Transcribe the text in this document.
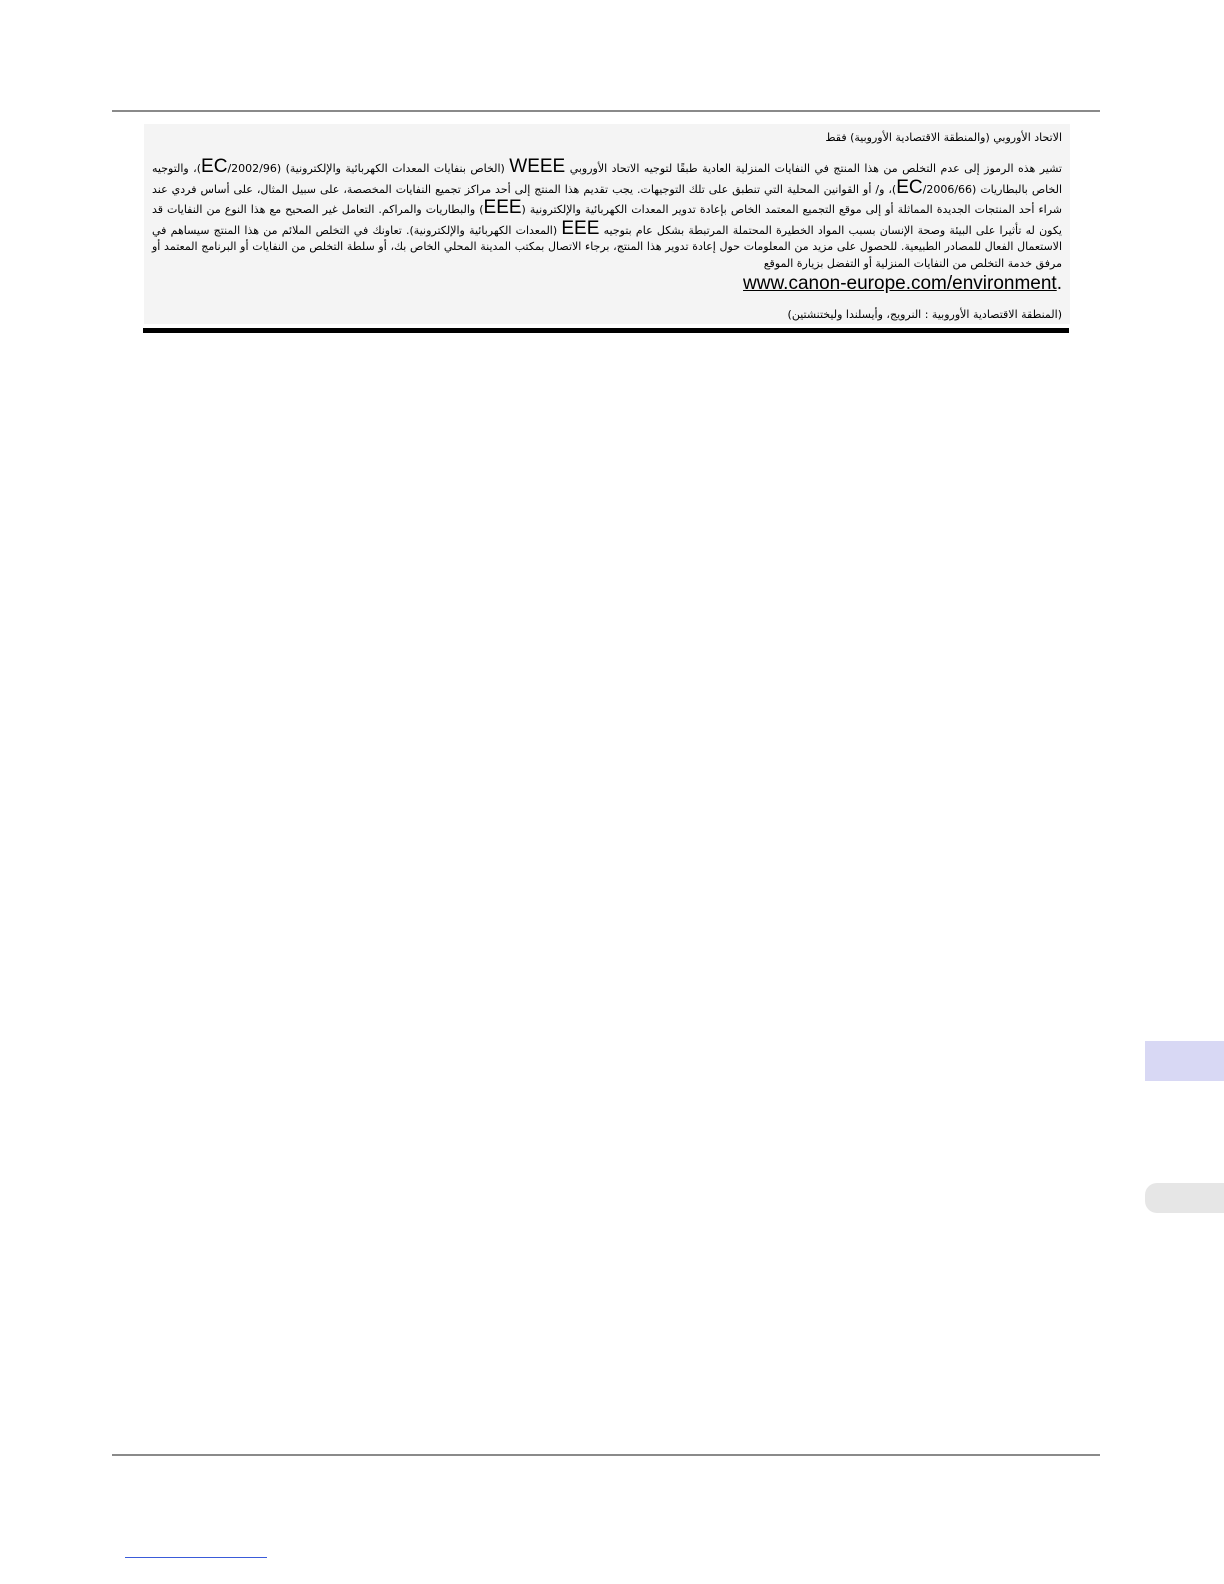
الاتحاد الأوروبي (والمنطقة الاقتصادية الأوروبية) فقط

تشير هذه الرموز إلى عدم التخلص من هذا المنتج في النفايات المنزلية العادية طبقًا لتوجيه الاتحاد الأوروبي WEEE (الخاص بنفايات المعدات الكهربائية والإلكترونية) (2002/96/EC)، والتوجيه الخاص بالبطاريات (2006/66/EC)، و/ أو القوانين المحلية التي تنطبق على تلك التوجيهات. يجب تقديم هذا المنتج إلى أحد مراكز تجميع النفايات المخصصة، على سبيل المثال، على أساس فردي عند شراء أحد المنتجات الجديدة المماثلة أو إلى موقع التجميع المعتمد الخاص بإعادة تدوير المعدات الكهربائية والإلكترونية (EEE) والبطاريات والمراكم. التعامل غير الصحيح مع هذا النوع من النفايات قد يكون له تأثيرا على البيئة وصحة الإنسان بسبب المواد الخطيرة المحتملة المرتبطة بشكل عام بتوجيه EEE (المعدات الكهربائية والإلكترونية). تعاونك في التخلص الملائم من هذا المنتج سيساهم في الاستعمال الفعال للمصادر الطبيعية. للحصول على مزيد من المعلومات حول إعادة تدوير هذا المنتج، برجاء الاتصال بمكتب المدينة المحلي الخاص بك، أو سلطة التخلص من النفايات أو البرنامج المعتمد أو مرفق خدمة التخلص من النفايات المنزلية أو التفضل بزيارة الموقع

.www.canon-europe.com/environment

(المنطقة الاقتصادية الأوروبية : النرويج، وأيسلندا وليختنشتين)
